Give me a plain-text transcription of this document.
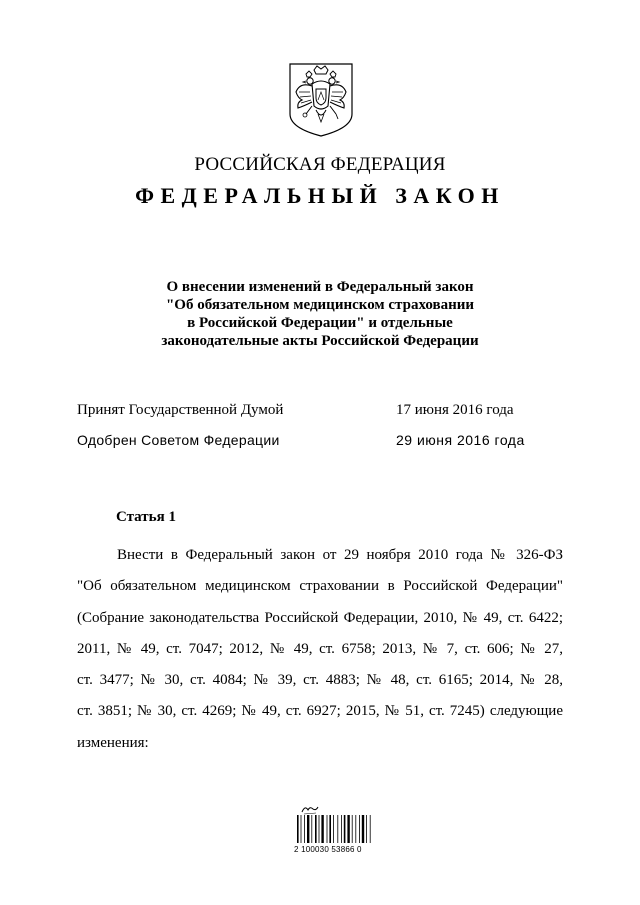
РОССИЙСКАЯ ФЕДЕРАЦИЯ
ФЕДЕРАЛЬНЫЙ ЗАКОН
О внесении изменений в Федеральный закон
"Об обязательном медицинском страховании
в Российской Федерации" и отдельные
законодательные акты Российской Федерации
Принят Государственной Думой	17 июня 2016 года
Одобрен Советом Федерации	29 июня 2016 года
Статья 1
Внести в Федеральный закон от 29 ноября 2010 года № 326-ФЗ
"Об обязательном медицинском страховании в Российской Федерации"
(Собрание законодательства Российской Федерации, 2010, № 49, ст. 6422;
2011, № 49, ст. 7047; 2012, № 49, ст. 6758; 2013, № 7, ст. 606; № 27,
ст. 3477; № 30, ст. 4084; № 39, ст. 4883; № 48, ст. 6165; 2014, № 28,
ст. 3851; № 30, ст. 4269; № 49, ст. 6927; 2015, № 51, ст. 7245) следующие
изменения:
2 100030 53866 0
